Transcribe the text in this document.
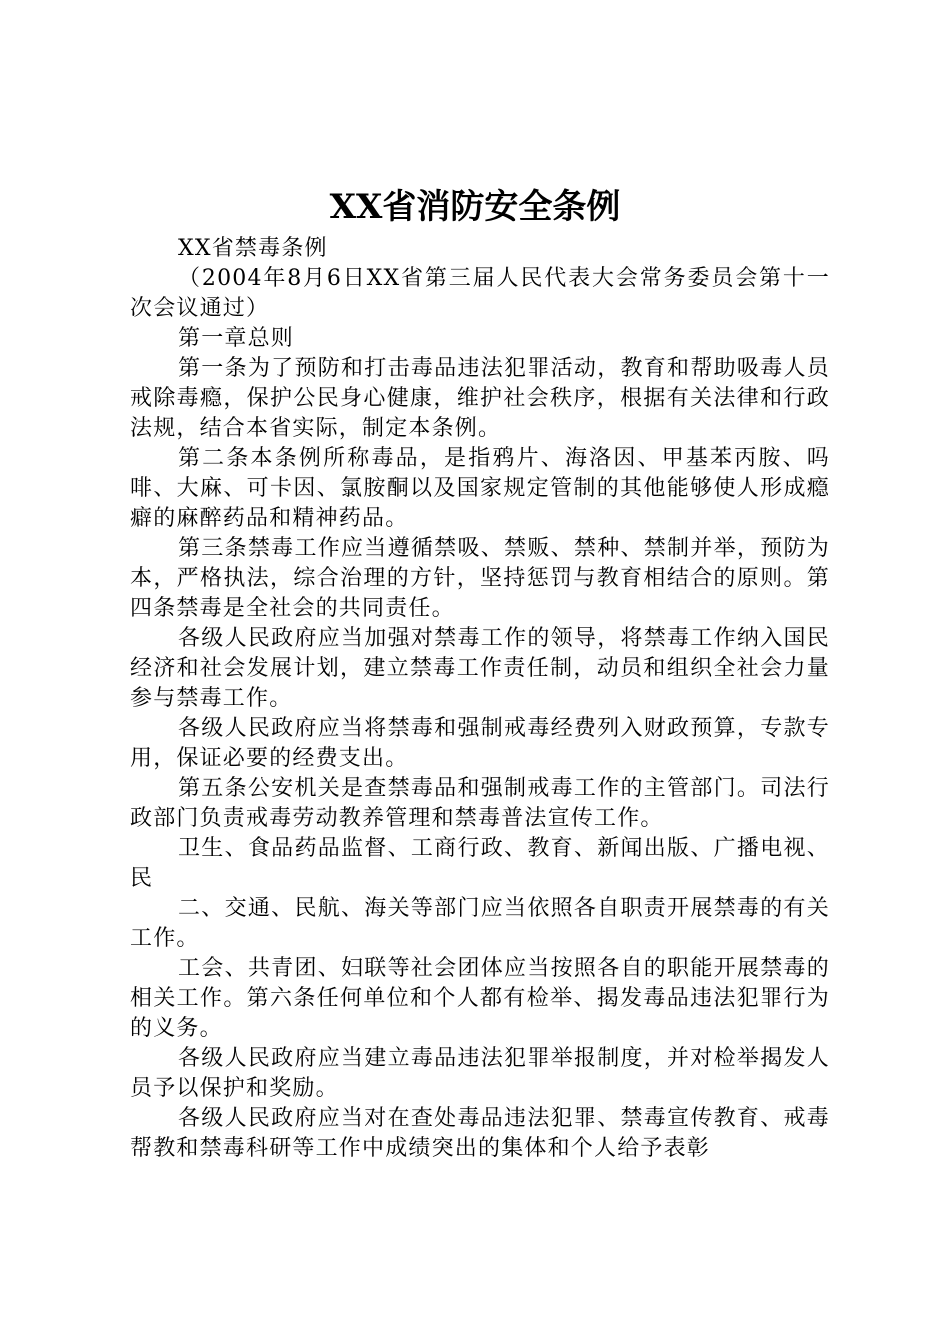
XX省消防安全条例

XX省禁毒条例

（2004年8月6日XX省第三届人民代表大会常务委员会第十一次会议通过）

第一章总则

第一条为了预防和打击毒品违法犯罪活动，教育和帮助吸毒人员戒除毒瘾，保护公民身心健康，维护社会秩序，根据有关法律和行政法规，结合本省实际，制定本条例。

第二条本条例所称毒品，是指鸦片、海洛因、甲基苯丙胺、吗啡、大麻、可卡因、氯胺酮以及国家规定管制的其他能够使人形成瘾癖的麻醉药品和精神药品。

第三条禁毒工作应当遵循禁吸、禁贩、禁种、禁制并举，预防为本，严格执法，综合治理的方针，坚持惩罚与教育相结合的原则。第四条禁毒是全社会的共同责任。

各级人民政府应当加强对禁毒工作的领导，将禁毒工作纳入国民经济和社会发展计划，建立禁毒工作责任制，动员和组织全社会力量参与禁毒工作。

各级人民政府应当将禁毒和强制戒毒经费列入财政预算，专款专用，保证必要的经费支出。

第五条公安机关是查禁毒品和强制戒毒工作的主管部门。司法行政部门负责戒毒劳动教养管理和禁毒普法宣传工作。

卫生、食品药品监督、工商行政、教育、新闻出版、广播电视、民

二、交通、民航、海关等部门应当依照各自职责开展禁毒的有关工作。

工会、共青团、妇联等社会团体应当按照各自的职能开展禁毒的相关工作。第六条任何单位和个人都有检举、揭发毒品违法犯罪行为的义务。

各级人民政府应当建立毒品违法犯罪举报制度，并对检举揭发人员予以保护和奖励。

各级人民政府应当对在查处毒品违法犯罪、禁毒宣传教育、戒毒帮教和禁毒科研等工作中成绩突出的集体和个人给予表彰
